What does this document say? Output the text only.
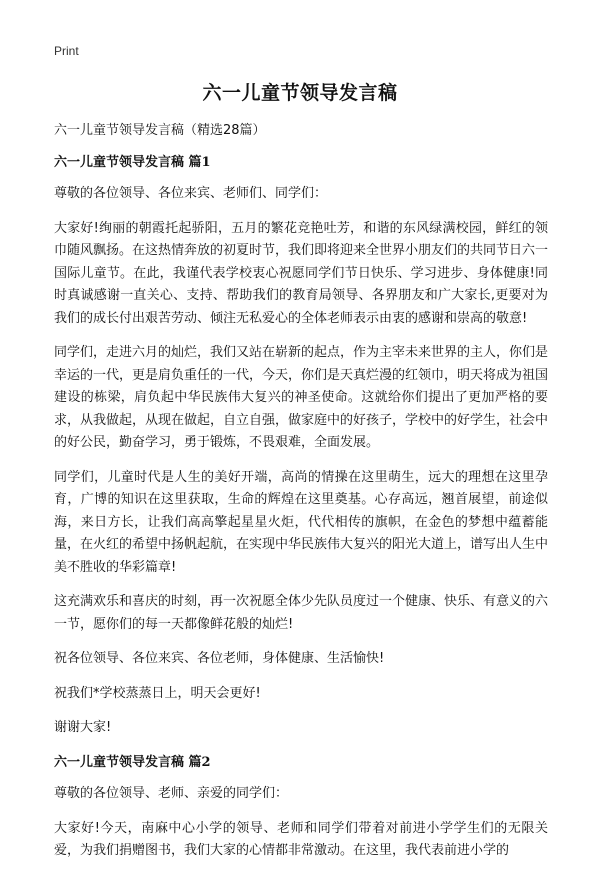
Print
六一儿童节领导发言稿

六一儿童节领导发言稿（精选28篇）

六一儿童节领导发言稿 篇1

尊敬的各位领导、各位来宾、老师们、同学们：

大家好!绚丽的朝霞托起骄阳，五月的繁花竞艳吐芳，和谐的东风绿满校园，鲜红的领巾随风飘扬。在这热情奔放的初夏时节，我们即将迎来全世界小朋友们的共同节日六一国际儿童节。在此，我谨代表学校衷心祝愿同学们节日快乐、学习进步、身体健康!同时真诚感谢一直关心、支持、帮助我们的教育局领导、各界朋友和广大家长,更要对为我们的成长付出艰苦劳动、倾注无私爱心的全体老师表示由衷的感谢和崇高的敬意!

同学们，走进六月的灿烂，我们又站在崭新的起点，作为主宰未来世界的主人，你们是幸运的一代，更是肩负重任的一代，今天，你们是天真烂漫的红领巾，明天将成为祖国建设的栋梁，肩负起中华民族伟大复兴的神圣使命。这就给你们提出了更加严格的要求，从我做起，从现在做起，自立自强，做家庭中的好孩子，学校中的好学生，社会中的好公民，勤奋学习，勇于锻炼，不畏艰难，全面发展。

同学们，儿童时代是人生的美好开端，高尚的情操在这里萌生，远大的理想在这里孕育，广博的知识在这里获取，生命的辉煌在这里奠基。心存高远，翘首展望，前途似海，来日方长，让我们高高擎起星星火炬，代代相传的旗帜，在金色的梦想中蕴蓄能量，在火红的希望中扬帆起航，在实现中华民族伟大复兴的阳光大道上，谱写出人生中美不胜收的华彩篇章!

这充满欢乐和喜庆的时刻，再一次祝愿全体少先队员度过一个健康、快乐、有意义的六一节，愿你们的每一天都像鲜花般的灿烂!

祝各位领导、各位来宾、各位老师，身体健康、生活愉快!

祝我们*学校蒸蒸日上，明天会更好!

谢谢大家!

六一儿童节领导发言稿 篇2

尊敬的各位领导、老师、亲爱的同学们：

大家好!今天，南麻中心小学的领导、老师和同学们带着对前进小学学生们的无限关爱，为我们捐赠图书，我们大家的心情都非常激动。在这里，我代表前进小学的
